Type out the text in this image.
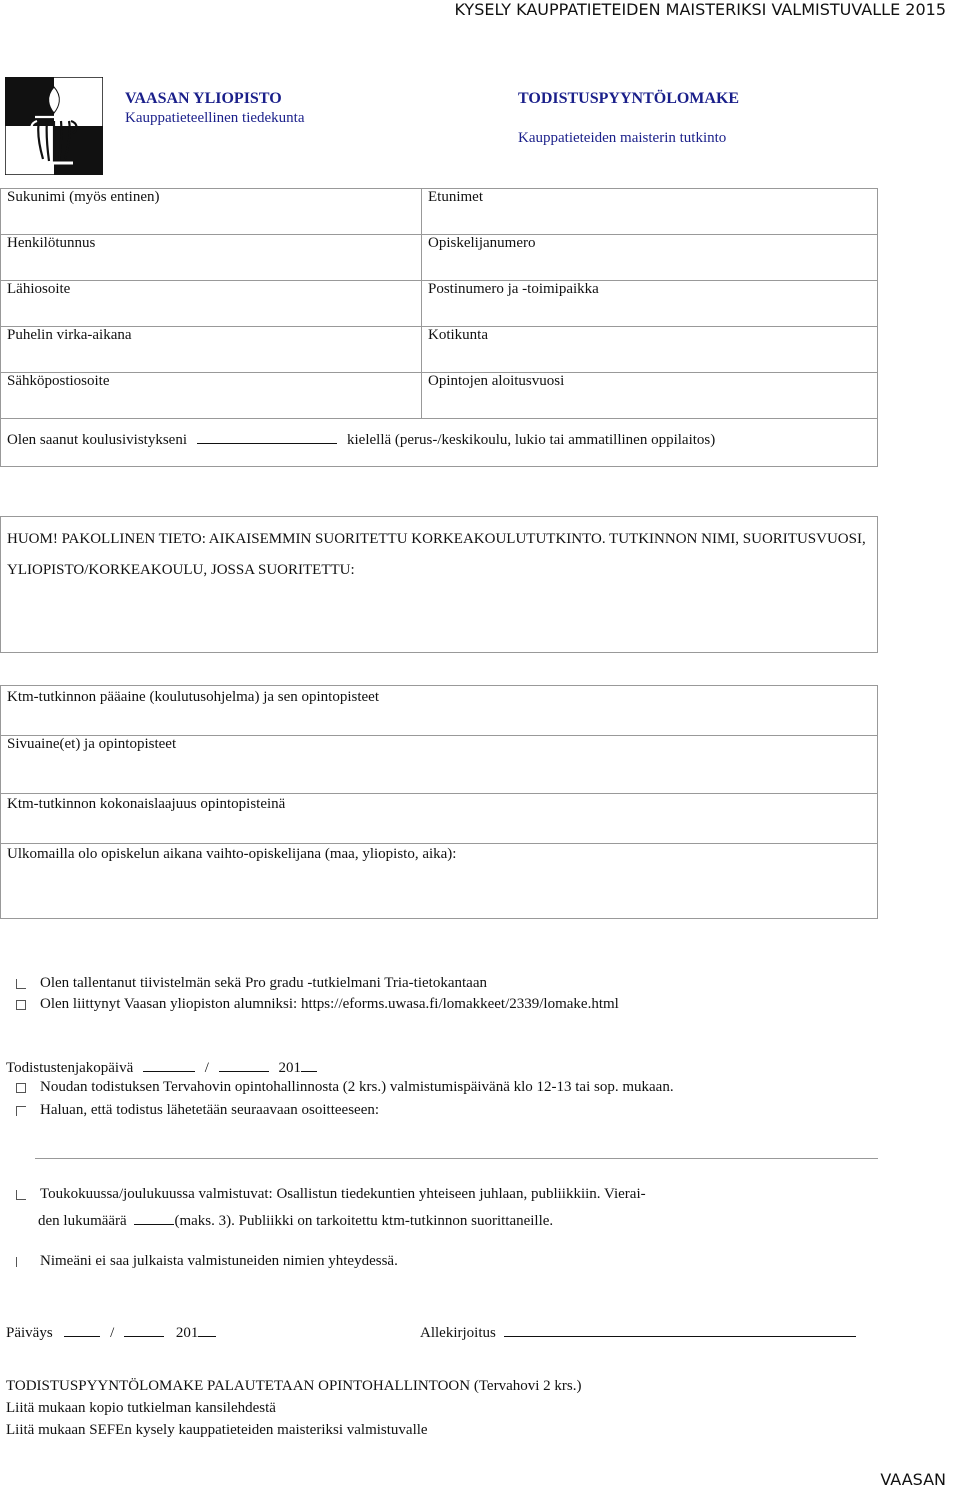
KYSELY KAUPPATIETEIDEN MAISTERIKSI VALMISTUVALLE 2015
VAASAN YLIOPISTO
Kauppatieteellinen tiedekunta
TODISTUSPYYNTÖLOMAKE
Kauppatieteiden maisterin tutkinto
Sukunimi (myös entinen)	Etunimet
Henkilötunnus	Opiskelijanumero
Lähiosoite	Postinumero ja -toimipaikka
Puhelin virka-aikana	Kotikunta
Sähköpostiosoite	Opintojen aloitusvuosi
Olen saanut koulusivistykseni kielellä (perus-/keskikoulu, lukio tai ammatillinen oppilaitos)	
HUOM! PAKOLLINEN TIETO: AIKAISEMMIN SUORITETTU KORKEAKOULUTUTKINTO. TUTKINNON NIMI, SUORITUSVUOSI, YLIOPISTO/KORKEAKOULU, JOSSA SUORITETTU:
Ktm-tutkinnon pääaine (koulutusohjelma) ja sen opintopisteet

Sivuaine(et) ja opintopisteet

Ktm-tutkinnon kokonaislaajuus opintopisteinä

Ulkomailla olo opiskelun aikana vaihto-opiskelijana (maa, yliopisto, aika):
Olen tallentanut tiivistelmän sekä Pro gradu -tutkielmani Tria-tietokantaan
Olen liittynyt Vaasan yliopiston alumniksi: https://eforms.uwasa.fi/lomakkeet/2339/lomake.html
Todistustenjakopäivä	/	201
Noudan todistuksen Tervahovin opintohallinnosta (2 krs.) valmistumispäivänä klo 12-13 tai sop. mukaan.
Haluan, että todistus lähetetään seuraavaan osoitteeseen:
Toukokuussa/joulukuussa valmistuvat: Osallistun tiedekuntien yhteiseen juhlaan, publiikkiin. Vierai-
den lukumäärä	(maks. 3). Publiikki on tarkoitettu ktm-tutkinnon suorittaneille.
Nimeäni ei saa julkaista valmistuneiden nimien yhteydessä.
Päiväys	/	201	Allekirjoitus
TODISTUSPYYNTÖLOMAKE PALAUTETAAN OPINTOHALLINTOON (Tervahovi 2 krs.)
Liitä mukaan kopio tutkielman kansilehdestä
Liitä mukaan SEFEn kysely kauppatieteiden maisteriksi valmistuvalle
VAASAN
